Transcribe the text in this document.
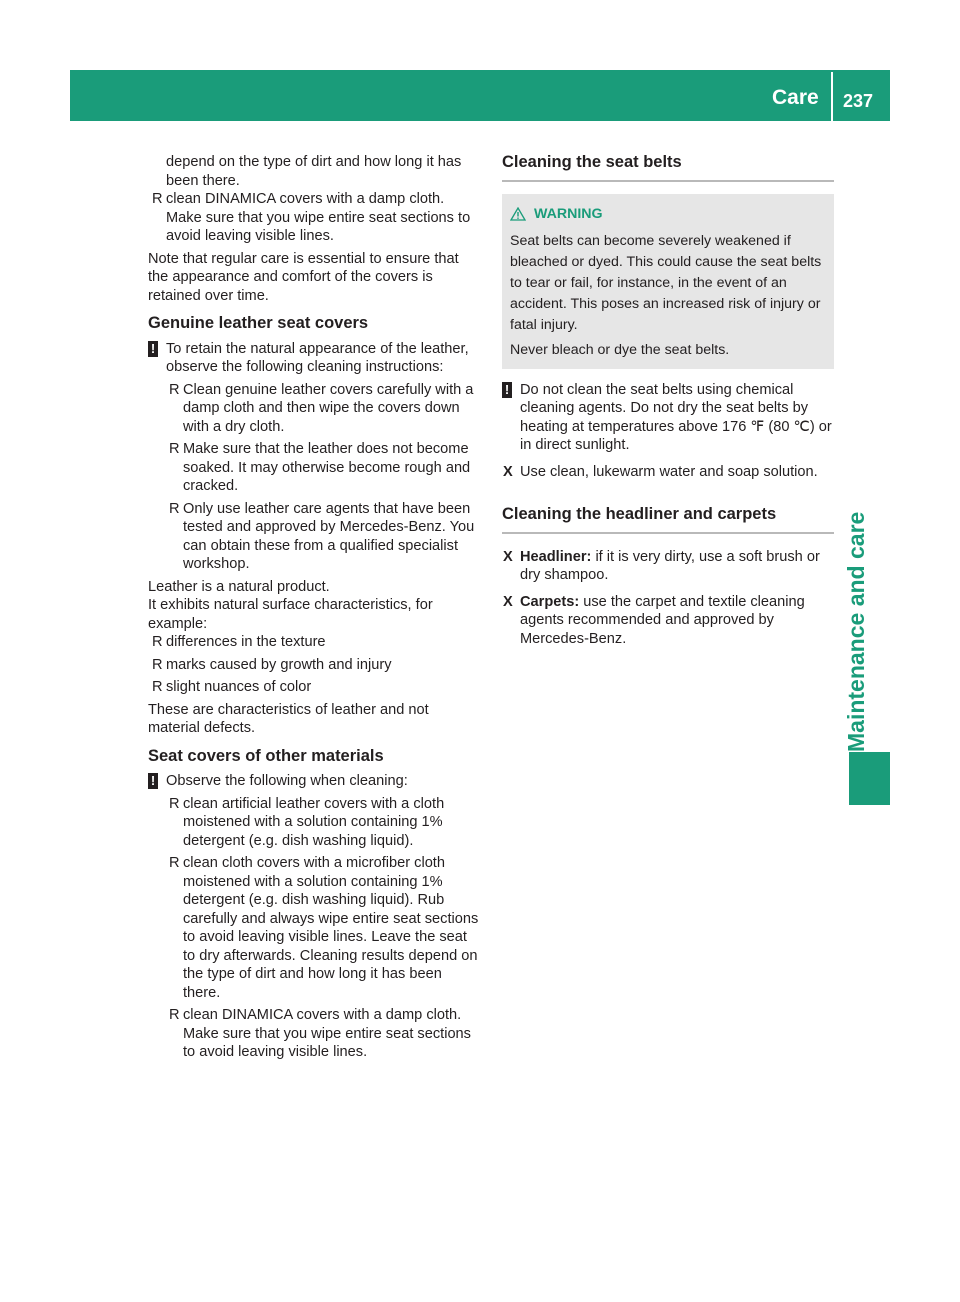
Care 237
Maintenance and care

depend on the type of dirt and how long it has been there.

R clean DINAMICA covers with a damp cloth. Make sure that you wipe entire seat sections to avoid leaving visible lines.

Note that regular care is essential to ensure that the appearance and comfort of the covers is retained over time.

Genuine leather seat covers
! To retain the natural appearance of the leather, observe the following cleaning instructions:
R Clean genuine leather covers carefully with a damp cloth and then wipe the covers down with a dry cloth.
R Make sure that the leather does not become soaked. It may otherwise become rough and cracked.
R Only use leather care agents that have been tested and approved by Mercedes-Benz. You can obtain these from a qualified specialist workshop.

Leather is a natural product.

It exhibits natural surface characteristics, for example:

R differences in the texture
R marks caused by growth and injury
R slight nuances of color

These are characteristics of leather and not material defects.

Seat covers of other materials
! Observe the following when cleaning:
R clean artificial leather covers with a cloth moistened with a solution containing 1% detergent (e.g. dish washing liquid).
R clean cloth covers with a microfiber cloth moistened with a solution containing 1% detergent (e.g. dish washing liquid). Rub carefully and always wipe entire seat sections to avoid leaving visible lines. Leave the seat to dry afterwards. Cleaning results depend on the type of dirt and how long it has been there.
R clean DINAMICA covers with a damp cloth. Make sure that you wipe entire seat sections to avoid leaving visible lines.

Cleaning the seat belts

WARNING

Seat belts can become severely weakened if bleached or dyed. This could cause the seat belts to tear or fail, for instance, in the event of an accident. This poses an increased risk of injury or fatal injury.

Never bleach or dye the seat belts.

! Do not clean the seat belts using chemical cleaning agents. Do not dry the seat belts by heating at temperatures above 176 ℉ (80 ℃) or in direct sunlight.
X Use clean, lukewarm water and soap solution.

Cleaning the headliner and carpets

X Headliner: if it is very dirty, use a soft brush or dry shampoo.
X Carpets: use the carpet and textile cleaning agents recommended and approved by Mercedes-Benz.
